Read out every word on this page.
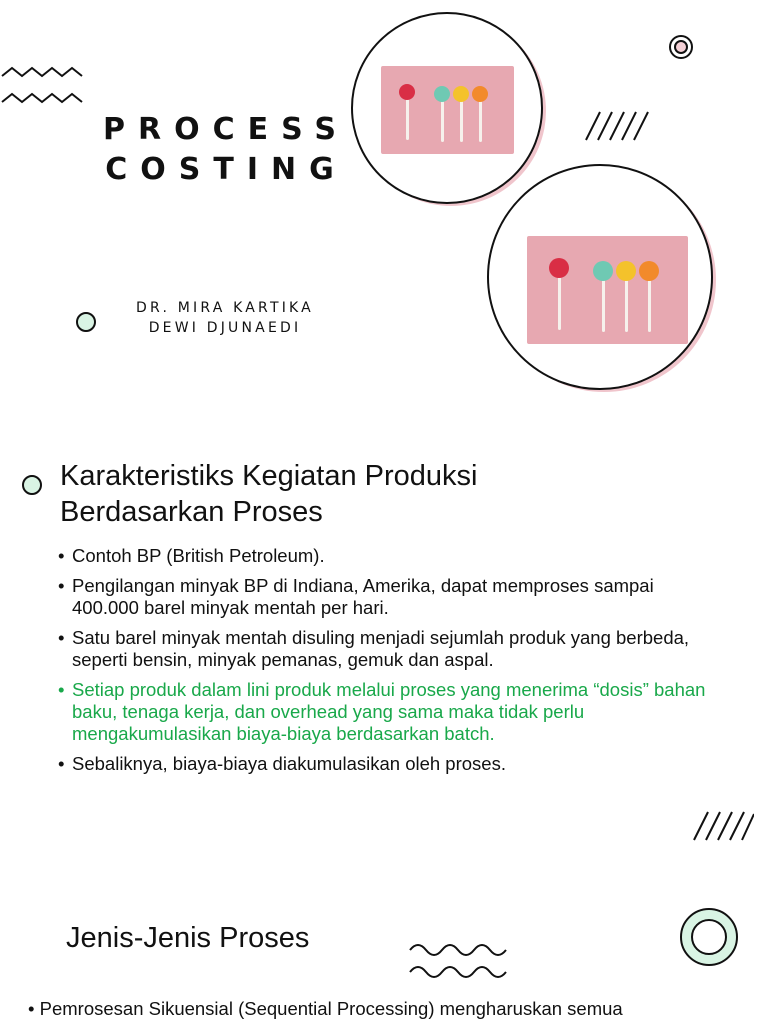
PROCESS
COSTING
DR. MIRA KARTIKA
DEWI DJUNAEDI
Karakteristiks Kegiatan Produksi
Berdasarkan Proses
• Contoh BP (British Petroleum).
• Pengilangan minyak BP di Indiana, Amerika, dapat memproses sampai 400.000 barel minyak mentah per hari.
• Satu barel minyak mentah disuling menjadi sejumlah produk yang berbeda, seperti bensin, minyak pemanas, gemuk dan aspal.
• Setiap produk dalam lini produk melalui proses yang menerima “dosis” bahan baku, tenaga kerja, dan overhead yang sama maka tidak perlu mengakumulasikan biaya-biaya berdasarkan batch.
• Sebaliknya, biaya-biaya diakumulasikan oleh proses.
Jenis-Jenis Proses
• Pemrosesan Sikuensial (Sequential Processing) mengharuskan semua
